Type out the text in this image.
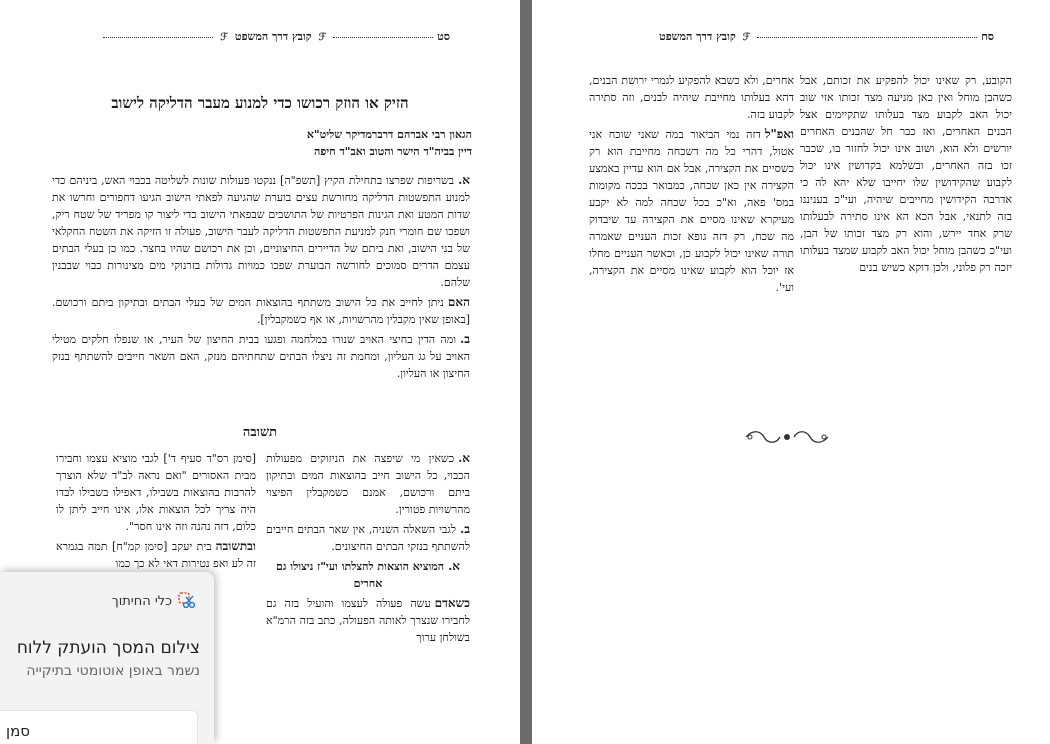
סט  ℱ קובץ דרך המשפט ℱ
הזיק או הוזק רכושו כדי למנוע מעבר הדליקה לישוב
הגאון רבי אברהם דרברמדיקר שליט"א
דיין בביה"ד הישר והטוב ואב"ד חיפה

א.בשריפות שפרצו בתחילת הקיץ [תשפ"ה] ננקטו פעולות שונות לשליטה בכבוי האש, ביניהם כדי למנוע התפשטות הדליקה מחורשת עצים בוערת שהגיעה לפאתי הישוב הגיעו דחפורים וחרשו את שדות המטע ואת הגינות הפרטיות של התושבים שבפאתי הישוב כדי ליצור קו מפריד של שטח ריק, ושפכו שם חומרי חנק למניעת התפשטות הדליקה לעבר הישוב, פעולה זו הזיקה את השטח החקלאי של בני הישוב, ואת ביתם של הדיירים החיצוניים, וכן את רכושם שהיו בחצר. כמו כן בעלי הבתים עצמם הדרים סמוכים לחורשה הבוערת שפכו כמויות גדולות בזרנוקי מים מצינורות כבוי שבבנין שלהם.

האםניתן לחייב את כל הישוב משתתף בהוצאות המים של בעלי הבתים ובתיקון ביתם ורכושם. [באופן שאין מקבלין מהרשויות, או אף כשמקבלין].

ב.ומה הדין בחיצי האויב שנורו במלחמה ופגעו בבית החיצון של העיר, או שנפלו חלקים מטילי האויב על גג העליון, ומחמת זה ניצלו הבתים שתחתיהם מנזק, האם השאר חייבים להשתתף בנזק החיצון או העליון.

תשובה

א.כשאין מי שיפצה את הניזוקים מפעולות הכבוי, כל הישוב חייב בהוצאות המים ובתיקון ביתם ורכושם, אמנם כשמקבלין הפיצוי מהרשויות פטורין.

ב.לגבי השאלה השניה, אין שאר הבתים חייבים להשתתף בנזקי הבתים החיצונים.

א.המוציא הוצאות להצלתו ועי"ז ניצולו גם אחרים

כשאדםעשה פעולה לעצמו והועיל בזה גם לחבירו שנצרך לאותה הפעולה, כתב בזה הרמ"א בשולחן ערוך

[סימן רס"ד סעיף ד'] לגבי מוציא עצמו וחבירו מבית האסורים "ואם נראה לב"ד שלא הוצרך להרבות בהוצאות בשבילו, דאפילו בשבילו לבדו היה צריך לכל הוצאות אלו, אינו חייב ליתן לו כלום, דזה נהנה וזה אינו חסר".

ובתשובהבית יעקב [סימן קמ"ח] תמה בגמרא זה לע ואפ נטירות דאי לא כך כמו

סח  ℱ קובץ דרך המשפט

הקובע, רק שאינו יכול להפקיע את זכותם, אבל כשהבן מוחל ואין כאן מניעה מצד זכותו אזי שוב יכול האב לקבוע מצד בעלותו שתקיימים אצל הבנים האחרים, ואז כבר חל שהבנים האחרים יורשים ולא הוא, ושוב אינו יכול לחזור בו, שכבר זכו בזה האחרים, ובשלמא בקדושין אינו יכול לקבוע שהקידושין שלו יחייבו שלא יהא לה כי אדרבה הקידושין מחייבים שיהיה, ועי"כ בעניננו בזה לתנאי, אבל הכא הא אינו סתירה לבעלותו שרק אחד יירש, והוא רק מצד זכותו של הבן, ועי"כ כשהבן מוחל יכול האב לקבוע שמצד בעלותו יזכה רק פלוני, ולכן דוקא כשיש בנים

אחרים, ולא כשבא להפקיע לגמרי ירושת הבנים, דהא בעלותו מחייבת שיהיה לבנים, וזה סתירה לקבוע בזה.

ואפ"לדזה נמי הביאור במה שאני שוכח אני אטול, דהרי כל מה דשכחה מחייבת הוא רק כשסיים את הקצירה, אבל אם הוא עדיין באמצע הקצירה אין כאן שכחה, כמבואר בככה מקומות במס' פאה, וא"כ בכל שכחה למה לא יקבע מעיקרא שאינו מסיים את הקצירה עד שיבדוק מה שכח, רק דזה גופא זכות העניים שאמרה תורה שאינו יכול לקבוע כן, וכאשר העניים מחלו אז יוכל הוא לקבוע שאינו מסיים את הקצירה, ועי'.

כלי החיתוך
צילום המסך הועתק ללוח
נשמר באופן אוטומטי בתיקייה
סמן
